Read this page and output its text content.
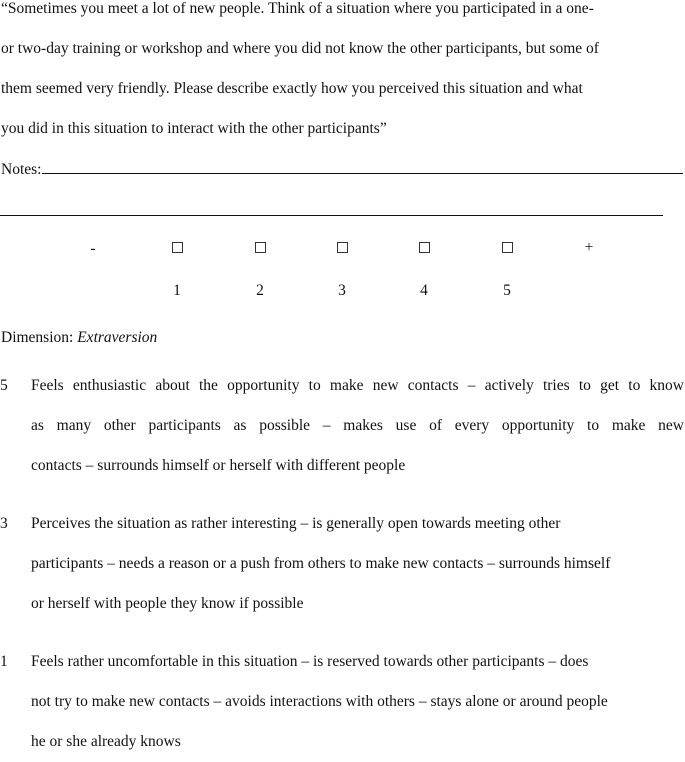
“Sometimes you meet a lot of new people. Think of a situation where you participated in a one-
or two-day training or workshop and where you did not know the other participants, but some of
them seemed very friendly. Please describe exactly how you perceived this situation and what
you did in this situation to interact with the other participants”
Notes:
-	+
1	2	3	4	5
Dimension: Extraversion
5 Feels enthusiastic about the opportunity to make new contacts – actively tries to get to know
as many other participants as possible – makes use of every opportunity to make new
contacts – surrounds himself or herself with different people
3 Perceives the situation as rather interesting – is generally open towards meeting other
participants – needs a reason or a push from others to make new contacts – surrounds himself
or herself with people they know if possible
1 Feels rather uncomfortable in this situation – is reserved towards other participants – does
not try to make new contacts – avoids interactions with others – stays alone or around people
he or she already knows
